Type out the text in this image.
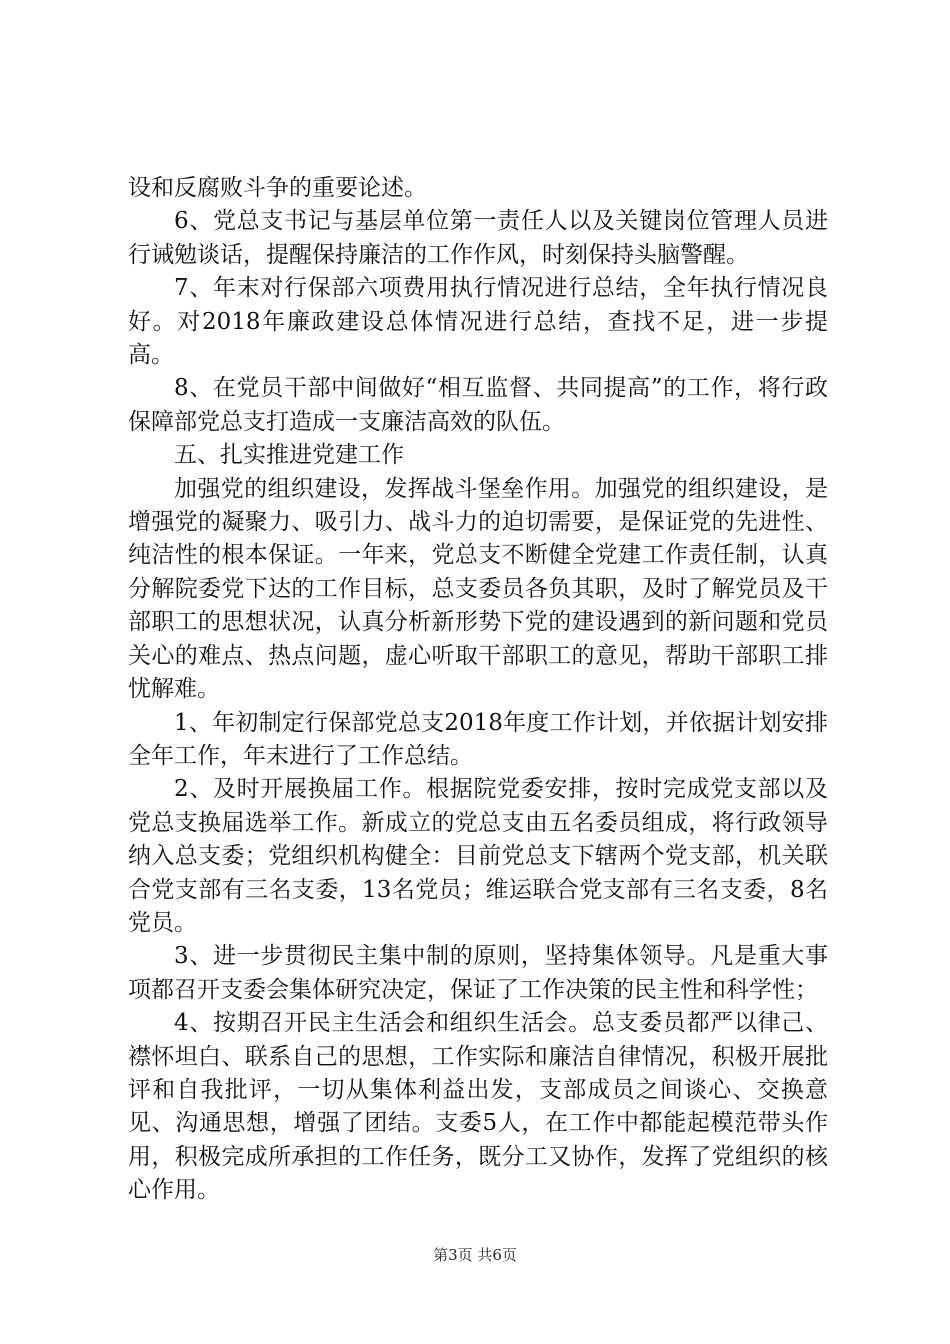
设和反腐败斗争的重要论述。

6、党总支书记与基层单位第一责任人以及关键岗位管理人员进行诫勉谈话，提醒保持廉洁的工作作风，时刻保持头脑警醒。

7、年末对行保部六项费用执行情况进行总结，全年执行情况良好。对2018年廉政建设总体情况进行总结，查找不足，进一步提高。

8、在党员干部中间做好“相互监督、共同提高”的工作，将行政保障部党总支打造成一支廉洁高效的队伍。

五、扎实推进党建工作

加强党的组织建设，发挥战斗堡垒作用。加强党的组织建设，是增强党的凝聚力、吸引力、战斗力的迫切需要，是保证党的先进性、纯洁性的根本保证。一年来，党总支不断健全党建工作责任制，认真分解院委党下达的工作目标，总支委员各负其职，及时了解党员及干部职工的思想状况，认真分析新形势下党的建设遇到的新问题和党员关心的难点、热点问题，虚心听取干部职工的意见，帮助干部职工排忧解难。

1、年初制定行保部党总支2018年度工作计划，并依据计划安排全年工作，年末进行了工作总结。

2、及时开展换届工作。根据院党委安排，按时完成党支部以及党总支换届选举工作。新成立的党总支由五名委员组成，将行政领导纳入总支委；党组织机构健全：目前党总支下辖两个党支部，机关联合党支部有三名支委，13名党员；维运联合党支部有三名支委，8名党员。

3、进一步贯彻民主集中制的原则，坚持集体领导。凡是重大事项都召开支委会集体研究决定，保证了工作决策的民主性和科学性；

4、按期召开民主生活会和组织生活会。总支委员都严以律己、襟怀坦白、联系自己的思想，工作实际和廉洁自律情况，积极开展批评和自我批评，一切从集体利益出发，支部成员之间谈心、交换意见、沟通思想，增强了团结。支委5人，在工作中都能起模范带头作用，积极完成所承担的工作任务，既分工又协作，发挥了党组织的核心作用。

第3页 共6页
